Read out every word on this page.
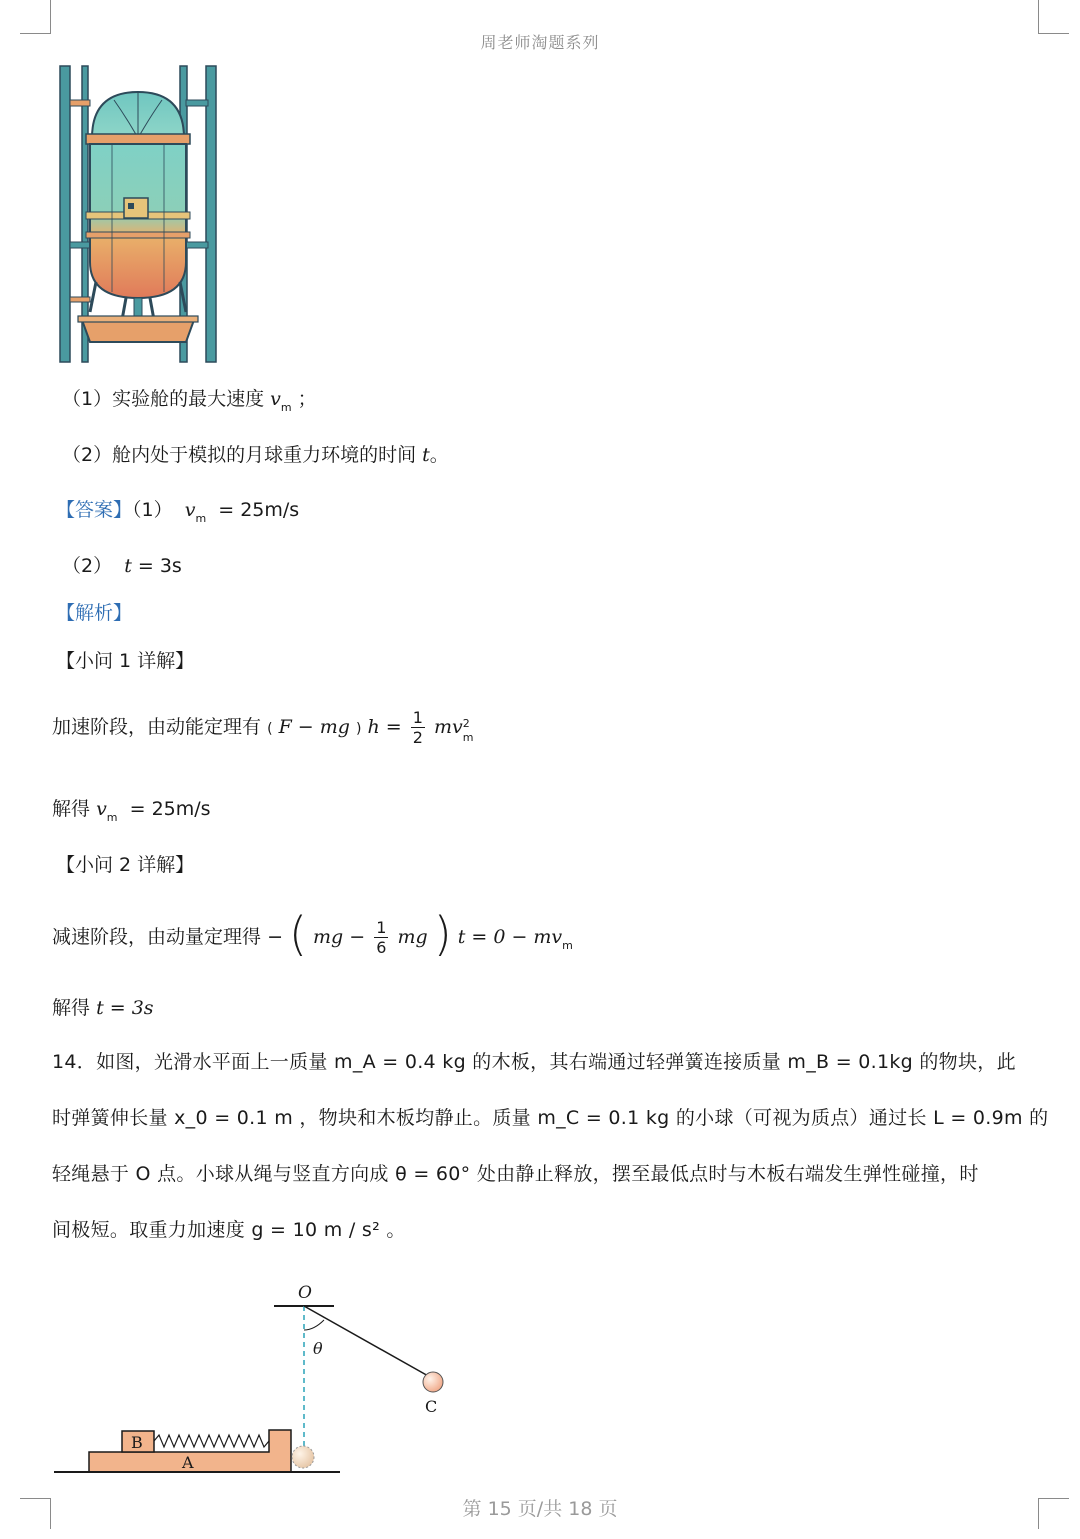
周老师淘题系列
（1）实验舱的最大速度 $v_m$ ；
（2）舱内处于模拟的月球重力环境的时间 t。
【答案】（1） $v_m = 25m/s$
（2） t = 3s
【解析】
【小问 1 详解】
加速阶段，由动能定理有 ( F − mg ) $h = \frac{1}{2}$ mv 2
m
解得 $v_m = 25m/s$
【小问 2 详解】
减速阶段，由动量定理得 − ( mg − $\frac{1}{6}$ mg ) $t = 0 - mv_m$
解得 t = 3s

14．如图，光滑水平面上一质量 m_A = 0.4 kg 的木板，其右端通过轻弹簧连接质量 m_B = 0.1kg 的物块，此

时弹簧伸长量 x_0 = 0.1 m ，物块和木板均静止。质量 m_C = 0.1 kg 的小球（可视为质点）通过长 L = 0.9m 的

轻绳悬于 O 点。小球从绳与竖直方向成 θ = 60° 处由静止释放，摆至最低点时与木板右端发生弹性碰撞，时

间极短。取重力加速度 g = 10 m / s² 。

O
θ
C
A
B
第 15 页/共 18 页
